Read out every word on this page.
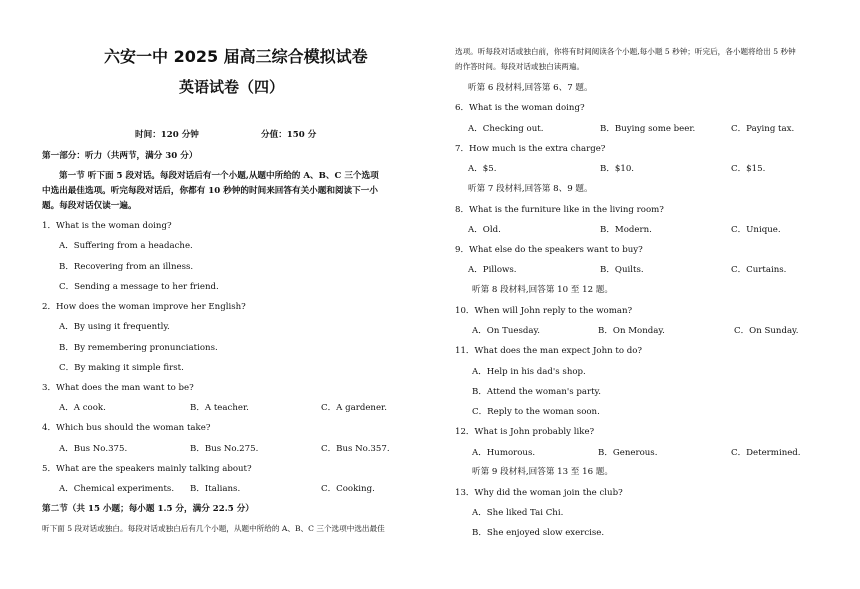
六安一中 2025 届高三综合模拟试卷
英语试卷（四）
时间：120 分钟	分值：150 分
第一部分：听力（共两节，满分 30 分）
第一节 听下面 5 段对话。每段对话后有一个小题,从题中所给的 A、B、C 三个选项
中选出最佳选项。听完每段对话后，你都有 10 秒钟的时间来回答有关小题和阅读下一小
题。每段对话仅读一遍。
1．What is the woman doing?
A．Suffering from a headache.
B．Recovering from an illness.
C．Sending a message to her friend.
2．How does the woman improve her English?
A．By using it frequently.
B．By remembering pronunciations.
C．By making it simple first.
3．What does the man want to be?
A．A cook.	B．A teacher.	C．A gardener.
4．Which bus should the woman take?
A．Bus No.375.	B．Bus No.275.	C．Bus No.357.
5．What are the speakers mainly talking about?
A．Chemical experiments. B．Italians.	C．Cooking.
第二节（共 15 小题；每小题 1.5 分，满分 22.5 分）
听下面 5 段对话或独白。每段对话或独白后有几个小题，从题中所给的 A、B、C 三个选项中选出最佳
选项。听每段对话或独白前，你将有时间阅读各个小题,每小题 5 秒钟；听完后，各小题将给出 5 秒钟
的作答时间。每段对话或独白读两遍。
听第 6 段材料,回答第 6、7 题。
6．What is the woman doing?
A．Checking out.	B．Buying some beer.	C．Paying tax.
7．How much is the extra charge?
A．$5.	B．$10.	C．$15.
听第 7 段材料,回答第 8、9 题。
8．What is the furniture like in the living room?
A．Old.	B．Modern.	C．Unique.
9．What else do the speakers want to buy?
A．Pillows.	B．Quilts.	C．Curtains.
听第 8 段材料,回答第 10 至 12 题。
10．When will John reply to the woman?
A．On Tuesday.	B．On Monday.	C．On Sunday.
11．What does the man expect John to do?
A．Help in his dad's shop.
B．Attend the woman's party.
C．Reply to the woman soon.
12．What is John probably like?
A．Humorous.	B．Generous.	C．Determined.
听第 9 段材料,回答第 13 至 16 题。
13．Why did the woman join the club?
A．She liked Tai Chi.
B．She enjoyed slow exercise.
